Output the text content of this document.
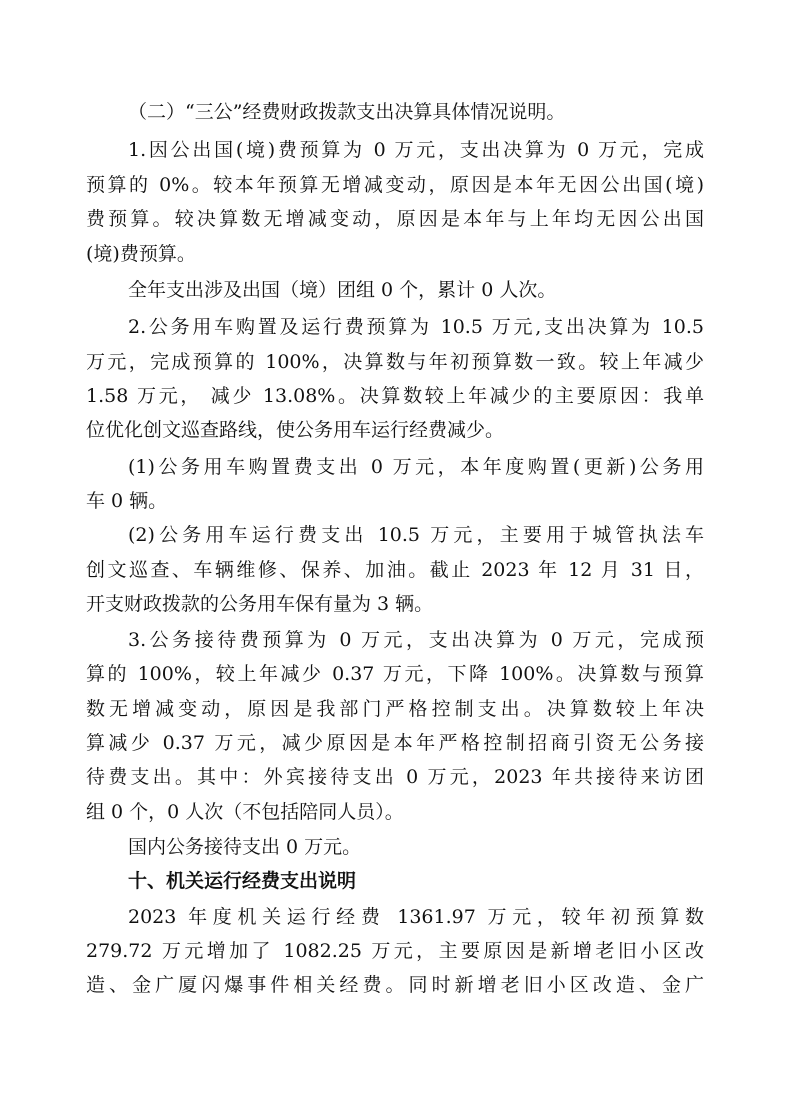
（二）“三公”经费财政拨款支出决算具体情况说明。
1.因公出国(境)费预算为 0 万元，支出决算为 0 万元，完成
预算的 0%。较本年预算无增减变动，原因是本年无因公出国(境)
费预算。较决算数无增减变动，原因是本年与上年均无因公出国
(境)费预算。
全年支出涉及出国（境）团组 0 个，累计 0 人次。
2.公务用车购置及运行费预算为 10.5 万元,支出决算为 10.5
万元，完成预算的 100%，决算数与年初预算数一致。较上年减少
1.58 万元， 减少 13.08%。决算数较上年减少的主要原因：我单
位优化创文巡查路线，使公务用车运行经费减少。
(1)公务用车购置费支出 0 万元，本年度购置(更新)公务用
车 0 辆。
(2)公务用车运行费支出 10.5 万元，主要用于城管执法车
创文巡查、车辆维修、保养、加油。截止 2023 年 12 月 31 日，
开支财政拨款的公务用车保有量为 3 辆。
3.公务接待费预算为 0 万元，支出决算为 0 万元，完成预
算的 100%，较上年减少 0.37 万元，下降 100%。决算数与预算
数无增减变动，原因是我部门严格控制支出。决算数较上年决
算减少 0.37 万元，减少原因是本年严格控制招商引资无公务接
待费支出。其中：外宾接待支出 0 万元，2023 年共接待来访团
组 0 个，0 人次（不包括陪同人员）。
国内公务接待支出 0 万元。
十、机关运行经费支出说明
2023 年度机关运行经费 1361.97 万元，较年初预算数
279.72 万元增加了 1082.25 万元，主要原因是新增老旧小区改
造、金广厦闪爆事件相关经费。同时新增老旧小区改造、金广
